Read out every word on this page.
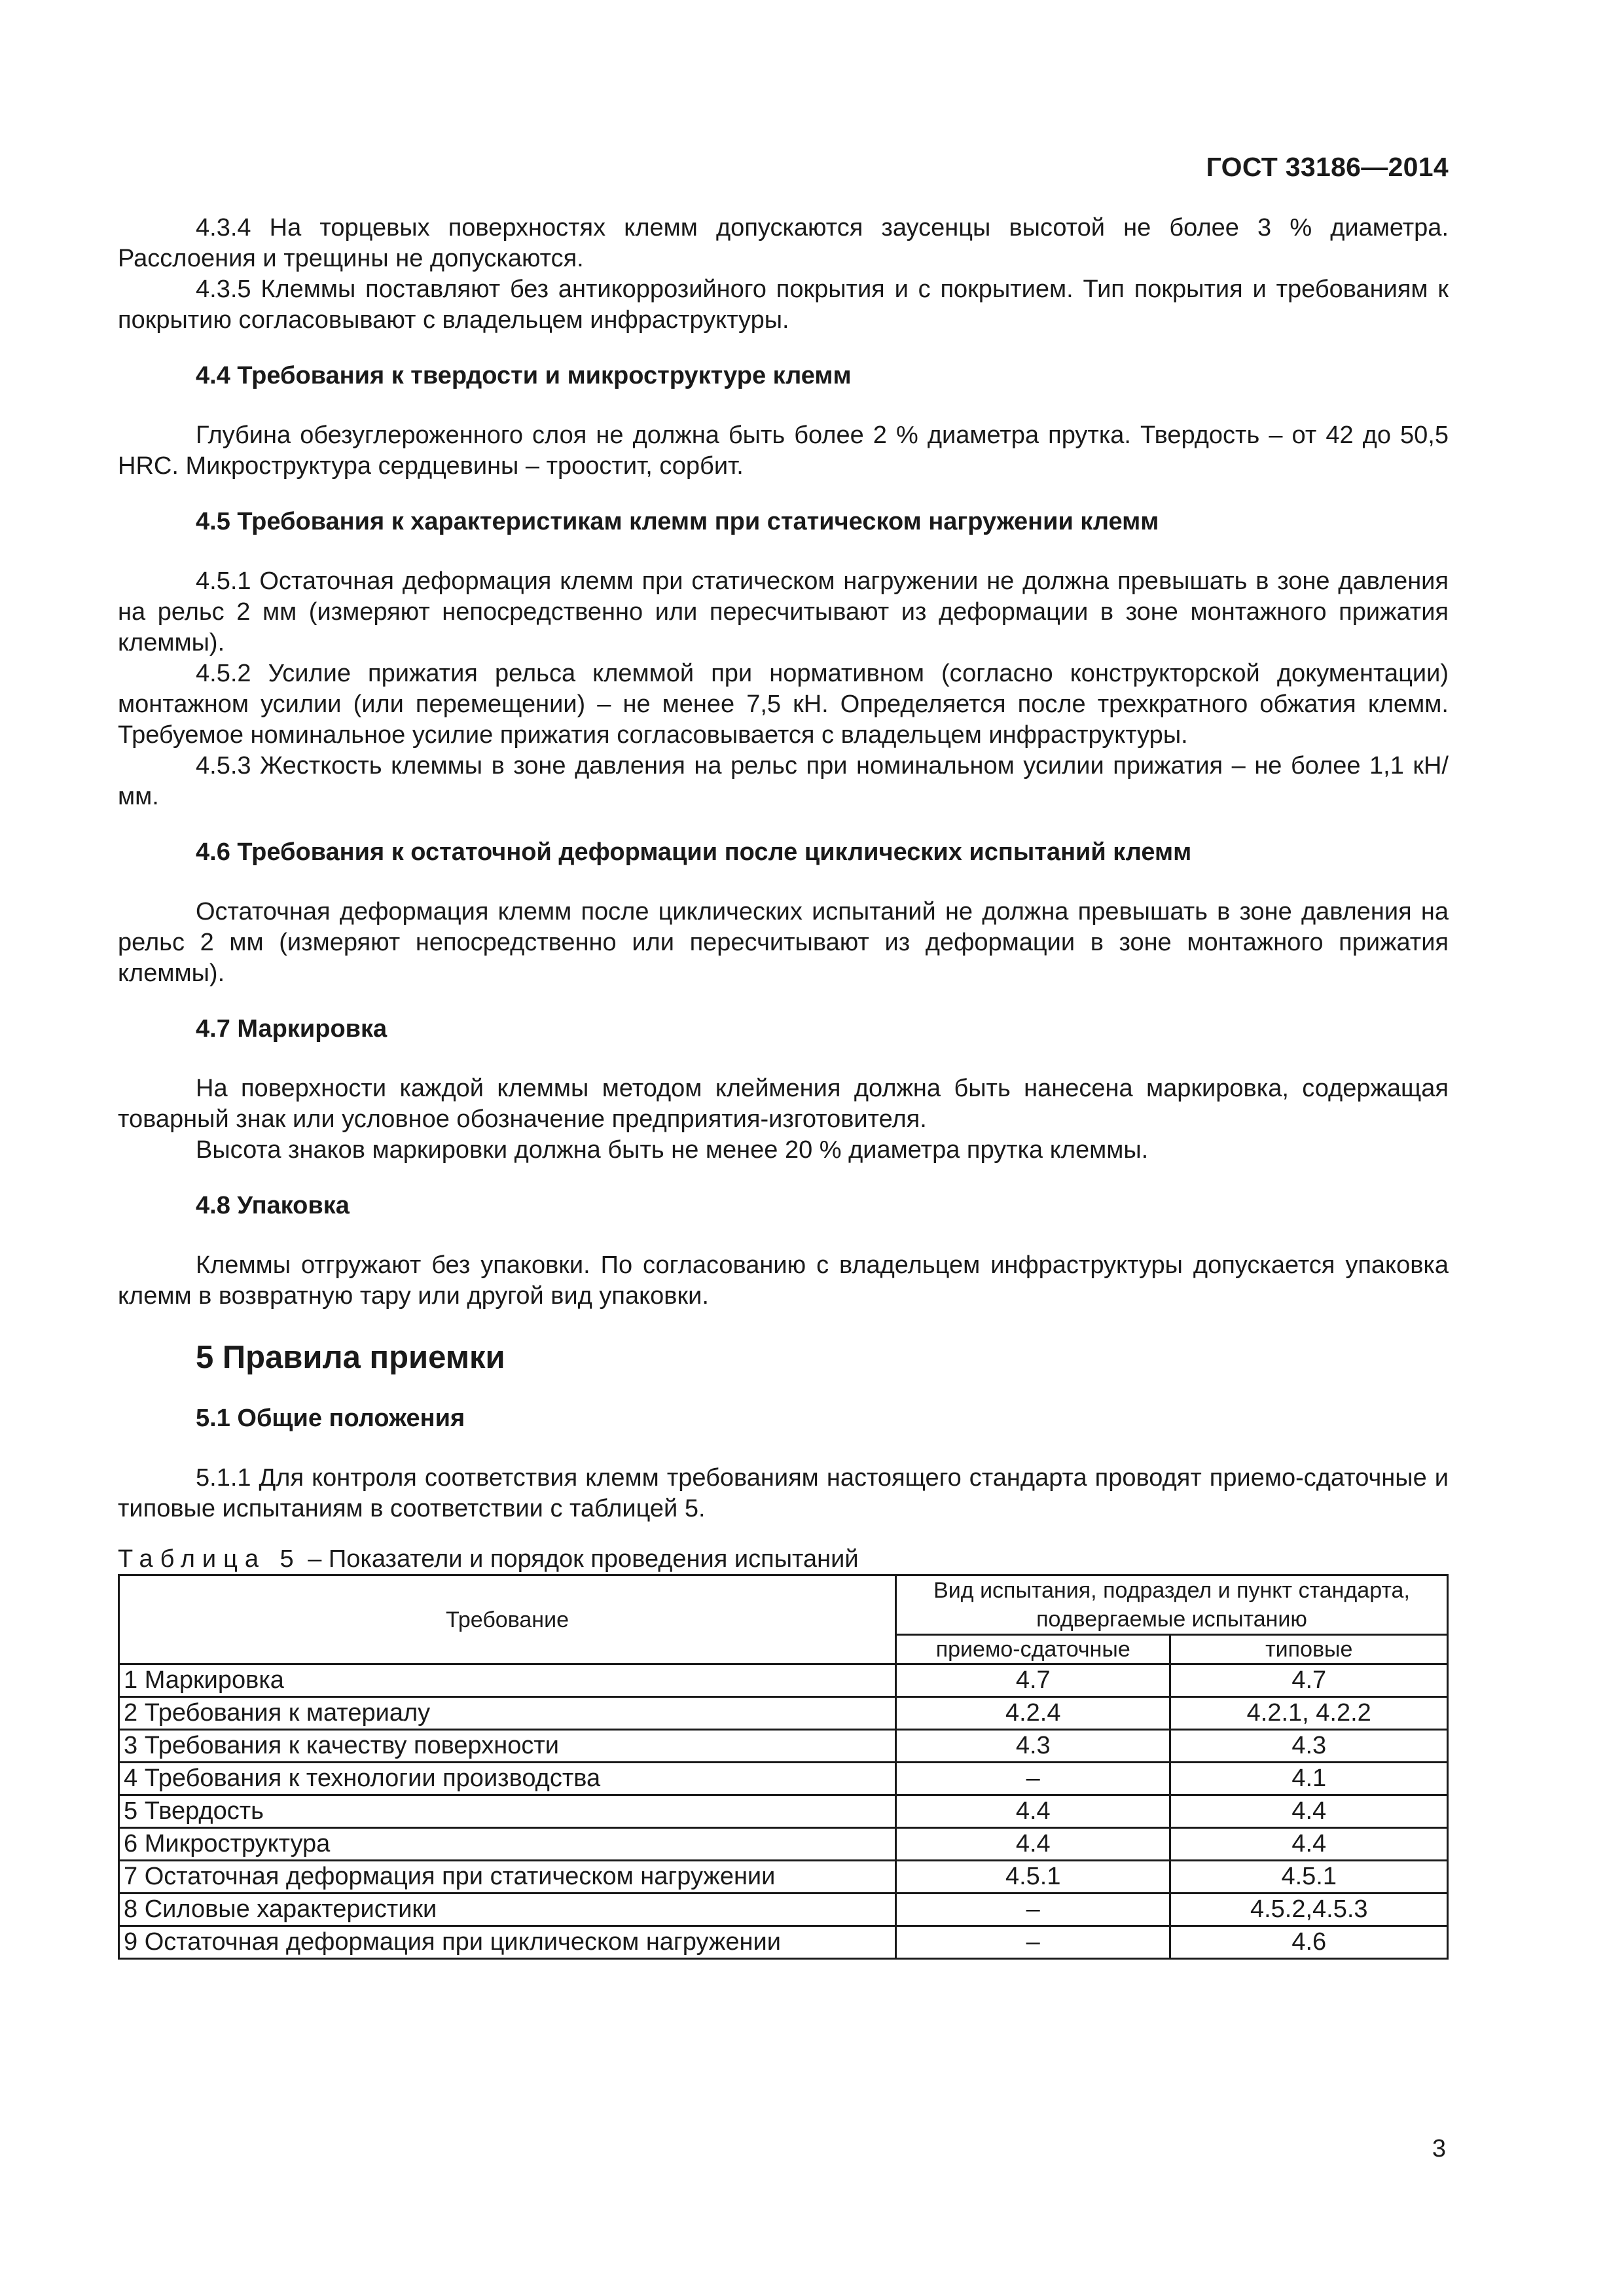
ГОСТ 33186—2014

4.3.4 На торцевых поверхностях клемм допускаются заусенцы высотой не более 3 % диаметра. Расслоения и трещины не допускаются.

4.3.5 Клеммы поставляют без антикоррозийного покрытия и с покрытием. Тип покрытия и требованиям к покрытию согласовывают с владельцем инфраструктуры.

4.4 Требования к твердости и микроструктуре клемм

Глубина обезуглероженного слоя не должна быть более 2 % диаметра прутка. Твердость – от 42 до 50,5 HRC. Микроструктура сердцевины – троостит, сорбит.

4.5 Требования к характеристикам клемм при статическом нагружении клемм

4.5.1 Остаточная деформация клемм при статическом нагружении не должна превышать в зоне давления на рельс 2 мм (измеряют непосредственно или пересчитывают из деформации в зоне монтажного прижатия клеммы).

4.5.2 Усилие прижатия рельса клеммой при нормативном (согласно конструкторской документации) монтажном усилии (или перемещении) – не менее 7,5 кН. Определяется после трехкратного обжатия клемм. Требуемое номинальное усилие прижатия согласовывается с владельцем инфраструктуры.

4.5.3 Жесткость клеммы в зоне давления на рельс при номинальном усилии прижатия – не более 1,1 кН/мм.

4.6 Требования к остаточной деформации после циклических испытаний клемм

Остаточная деформация клемм после циклических испытаний не должна превышать в зоне давления на рельс 2 мм (измеряют непосредственно или пересчитывают из деформации в зоне монтажного прижатия клеммы).

4.7 Маркировка

На поверхности каждой клеммы методом клеймения должна быть нанесена маркировка, содержащая товарный знак или условное обозначение предприятия-изготовителя.

Высота знаков маркировки должна быть не менее 20 % диаметра прутка клеммы.

4.8 Упаковка

Клеммы отгружают без упаковки. По согласованию с владельцем инфраструктуры допускается упаковка клемм в возвратную тару или другой вид упаковки.

5 Правила приемки
5.1 Общие положения

5.1.1 Для контроля соответствия клемм требованиям настоящего стандарта проводят приемо-сдаточные и типовые испытаниям в соответствии с таблицей 5.

Таблица 5 – Показатели и порядок проведения испытаний
Требование	Вид испытания, подраздел и пункт стандарта, подвергаемые испытанию	
	приемо-сдаточные	типовые
1 Маркировка	4.7	4.7
2 Требования к материалу	4.2.4	4.2.1, 4.2.2
3 Требования к качеству поверхности	4.3	4.3
4 Требования к технологии производства	–	4.1
5 Твердость	4.4	4.4
6 Микроструктура	4.4	4.4
7 Остаточная деформация при статическом нагружении	4.5.1	4.5.1
8 Силовые характеристики	–	4.5.2,4.5.3
9 Остаточная деформация при циклическом нагружении	–	4.6
3
